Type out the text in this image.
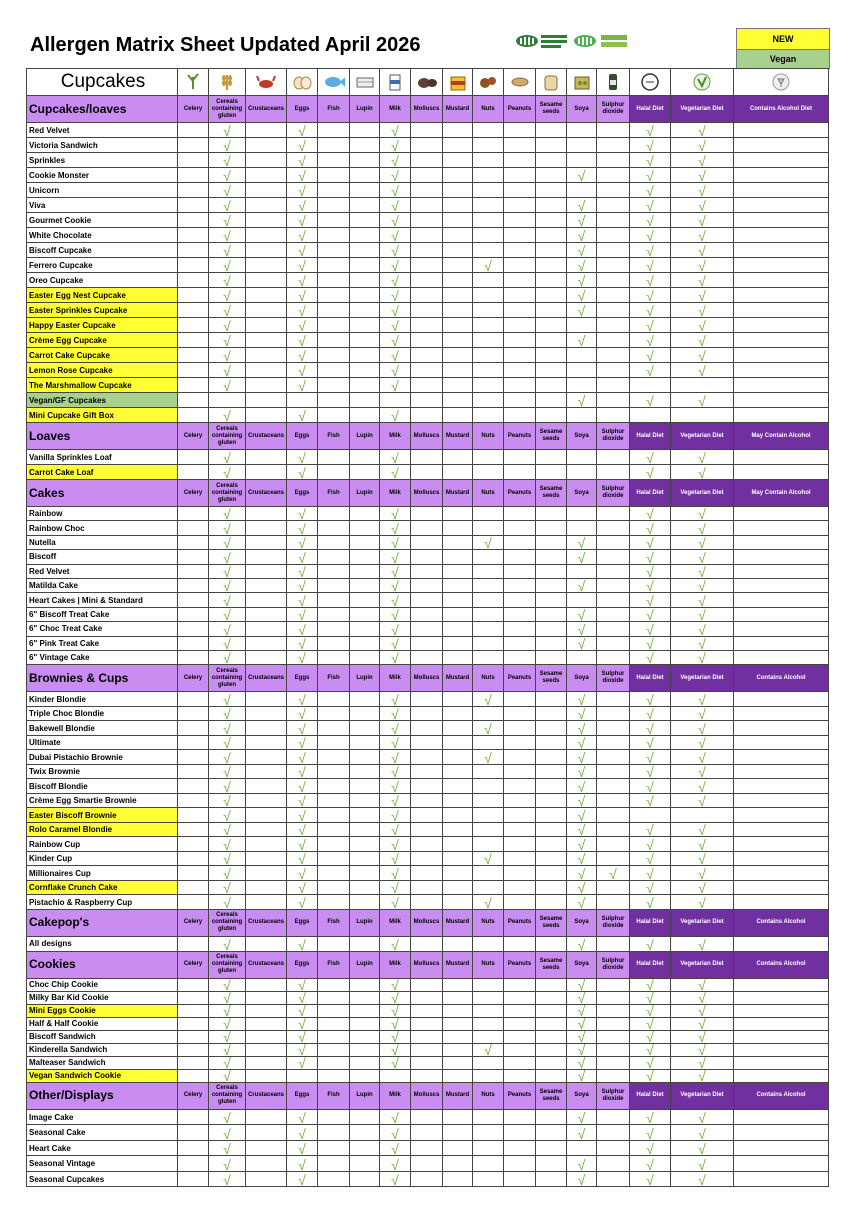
Allergen Matrix Sheet Updated April 2026	NEW
Vegan
Cupcakes																	
Cupcakes/loaves	Celery	Cereals containing gluten	Crustaceans	Eggs	Fish	Lupin	Milk	Molluscs	Mustard	Nuts	Peanuts	Sesame seeds	Soya	Sulphur dioxide	Halal Diet	Vegetarian Diet	Contains Alcohol Diet
Red Velvet		√		√			√								√	√	
Victoria Sandwich		√		√			√								√	√	
Sprinkles		√		√			√								√	√	
Cookie Monster		√		√			√						√		√	√	
Unicorn		√		√			√								√	√	
Viva		√		√			√						√		√	√	
Gourmet Cookie		√		√			√						√		√	√	
White Chocolate		√		√			√						√		√	√	
Biscoff Cupcake		√		√			√						√		√	√	
Ferrero Cupcake		√		√			√			√			√		√	√	
Oreo Cupcake		√		√			√						√		√	√	
Easter Egg Nest Cupcake		√		√			√						√		√	√	
Easter Sprinkles Cupcake		√		√			√						√		√	√	
Happy Easter Cupcake		√		√			√								√	√	
Crème Egg Cupcake		√		√			√						√		√	√	
Carrot Cake Cupcake		√		√			√								√	√	
Lemon Rose Cupcake		√		√			√								√	√	
The Marshmallow Cupcake		√		√			√										
Vegan/GF Cupcakes													√		√	√	
Mini Cupcake Gift Box		√		√			√										
Loaves	Celery	Cereals containing gluten	Crustaceans	Eggs	Fish	Lupin	Milk	Molluscs	Mustard	Nuts	Peanuts	Sesame seeds	Soya	Sulphur dioxide	Halal Diet	Vegetarian Diet	May Contain Alcohol
Vanilla Sprinkles Loaf		√		√			√								√	√	
Carrot Cake Loaf		√		√			√								√	√	
Cakes	Celery	Cereals containing gluten	Crustaceans	Eggs	Fish	Lupin	Milk	Molluscs	Mustard	Nuts	Peanuts	Sesame seeds	Soya	Sulphur dioxide	Halal Diet	Vegetarian Diet	May Contain Alcohol
Rainbow		√		√			√								√	√	
Rainbow Choc		√		√			√								√	√	
Nutella		√		√			√			√			√		√	√	
Biscoff		√		√			√						√		√	√	
Red Velvet		√		√			√								√	√	
Matilda Cake		√		√			√						√		√	√	
Heart Cakes | Mini & Standard		√		√			√								√	√	
6" Biscoff Treat Cake		√		√			√						√		√	√	
6" Choc Treat Cake		√		√			√						√		√	√	
6" Pink Treat Cake		√		√			√						√		√	√	
6" Vintage Cake		√		√			√								√	√	
Brownies & Cups	Celery	Cereals containing gluten	Crustaceans	Eggs	Fish	Lupin	Milk	Molluscs	Mustard	Nuts	Peanuts	Sesame seeds	Soya	Sulphur dioxide	Halal Diet	Vegetarian Diet	Contains Alcohol
Kinder Blondie		√		√			√			√			√		√	√	
Triple Choc Blondie		√		√			√						√		√	√	
Bakewell Blondie		√		√			√			√			√		√	√	
Ultimate		√		√			√						√		√	√	
Dubai Pistachio Brownie		√		√			√			√			√		√	√	
Twix Brownie		√		√			√						√		√	√	
Biscoff Blondie		√		√			√						√		√	√	
Crème Egg Smartie Brownie		√		√			√						√		√	√	
Easter Biscoff Brownie		√		√			√						√				
Rolo Caramel Blondie		√		√			√						√		√	√	
Rainbow Cup		√		√			√						√		√	√	
Kinder Cup		√		√			√			√			√		√	√	
Millionaires Cup		√		√			√						√	√	√	√	
Cornflake Crunch Cake		√		√			√						√		√	√	
Pistachio & Raspberry Cup		√		√			√			√			√		√	√	
Cakepop's	Celery	Cereals containing gluten	Crustaceans	Eggs	Fish	Lupin	Milk	Molluscs	Mustard	Nuts	Peanuts	Sesame seeds	Soya	Sulphur dioxide	Halal Diet	Vegetarian Diet	Contains Alcohol
All designs		√		√			√						√		√	√	
Cookies	Celery	Cereals containing gluten	Crustaceans	Eggs	Fish	Lupin	Milk	Molluscs	Mustard	Nuts	Peanuts	Sesame seeds	Soya	Sulphur dioxide	Halal Diet	Vegetarian Diet	Contains Alcohol
Choc Chip Cookie		√		√			√						√		√	√	
Milky Bar Kid Cookie		√		√			√						√		√	√	
Mini Eggs Cookie		√		√			√						√		√	√	
Half & Half Cookie		√		√			√						√		√	√	
Biscoff Sandwich		√		√			√						√		√	√	
Kinderella Sandwich		√		√			√			√			√		√	√	
Malteaser Sandwich		√		√			√						√		√	√	
Vegan Sandwich Cookie		√											√		√	√	
Other/Displays	Celery	Cereals containing gluten	Crustaceans	Eggs	Fish	Lupin	Milk	Molluscs	Mustard	Nuts	Peanuts	Sesame seeds	Soya	Sulphur dioxide	Halal Diet	Vegetarian Diet	Contains Alcohol
Image Cake		√		√			√						√		√	√	
Seasonal Cake		√		√			√						√		√	√	
Heart Cake		√		√			√								√	√	
Seasonal Vintage		√		√			√						√		√	√	
Seasonal Cupcakes		√		√			√						√		√	√	
